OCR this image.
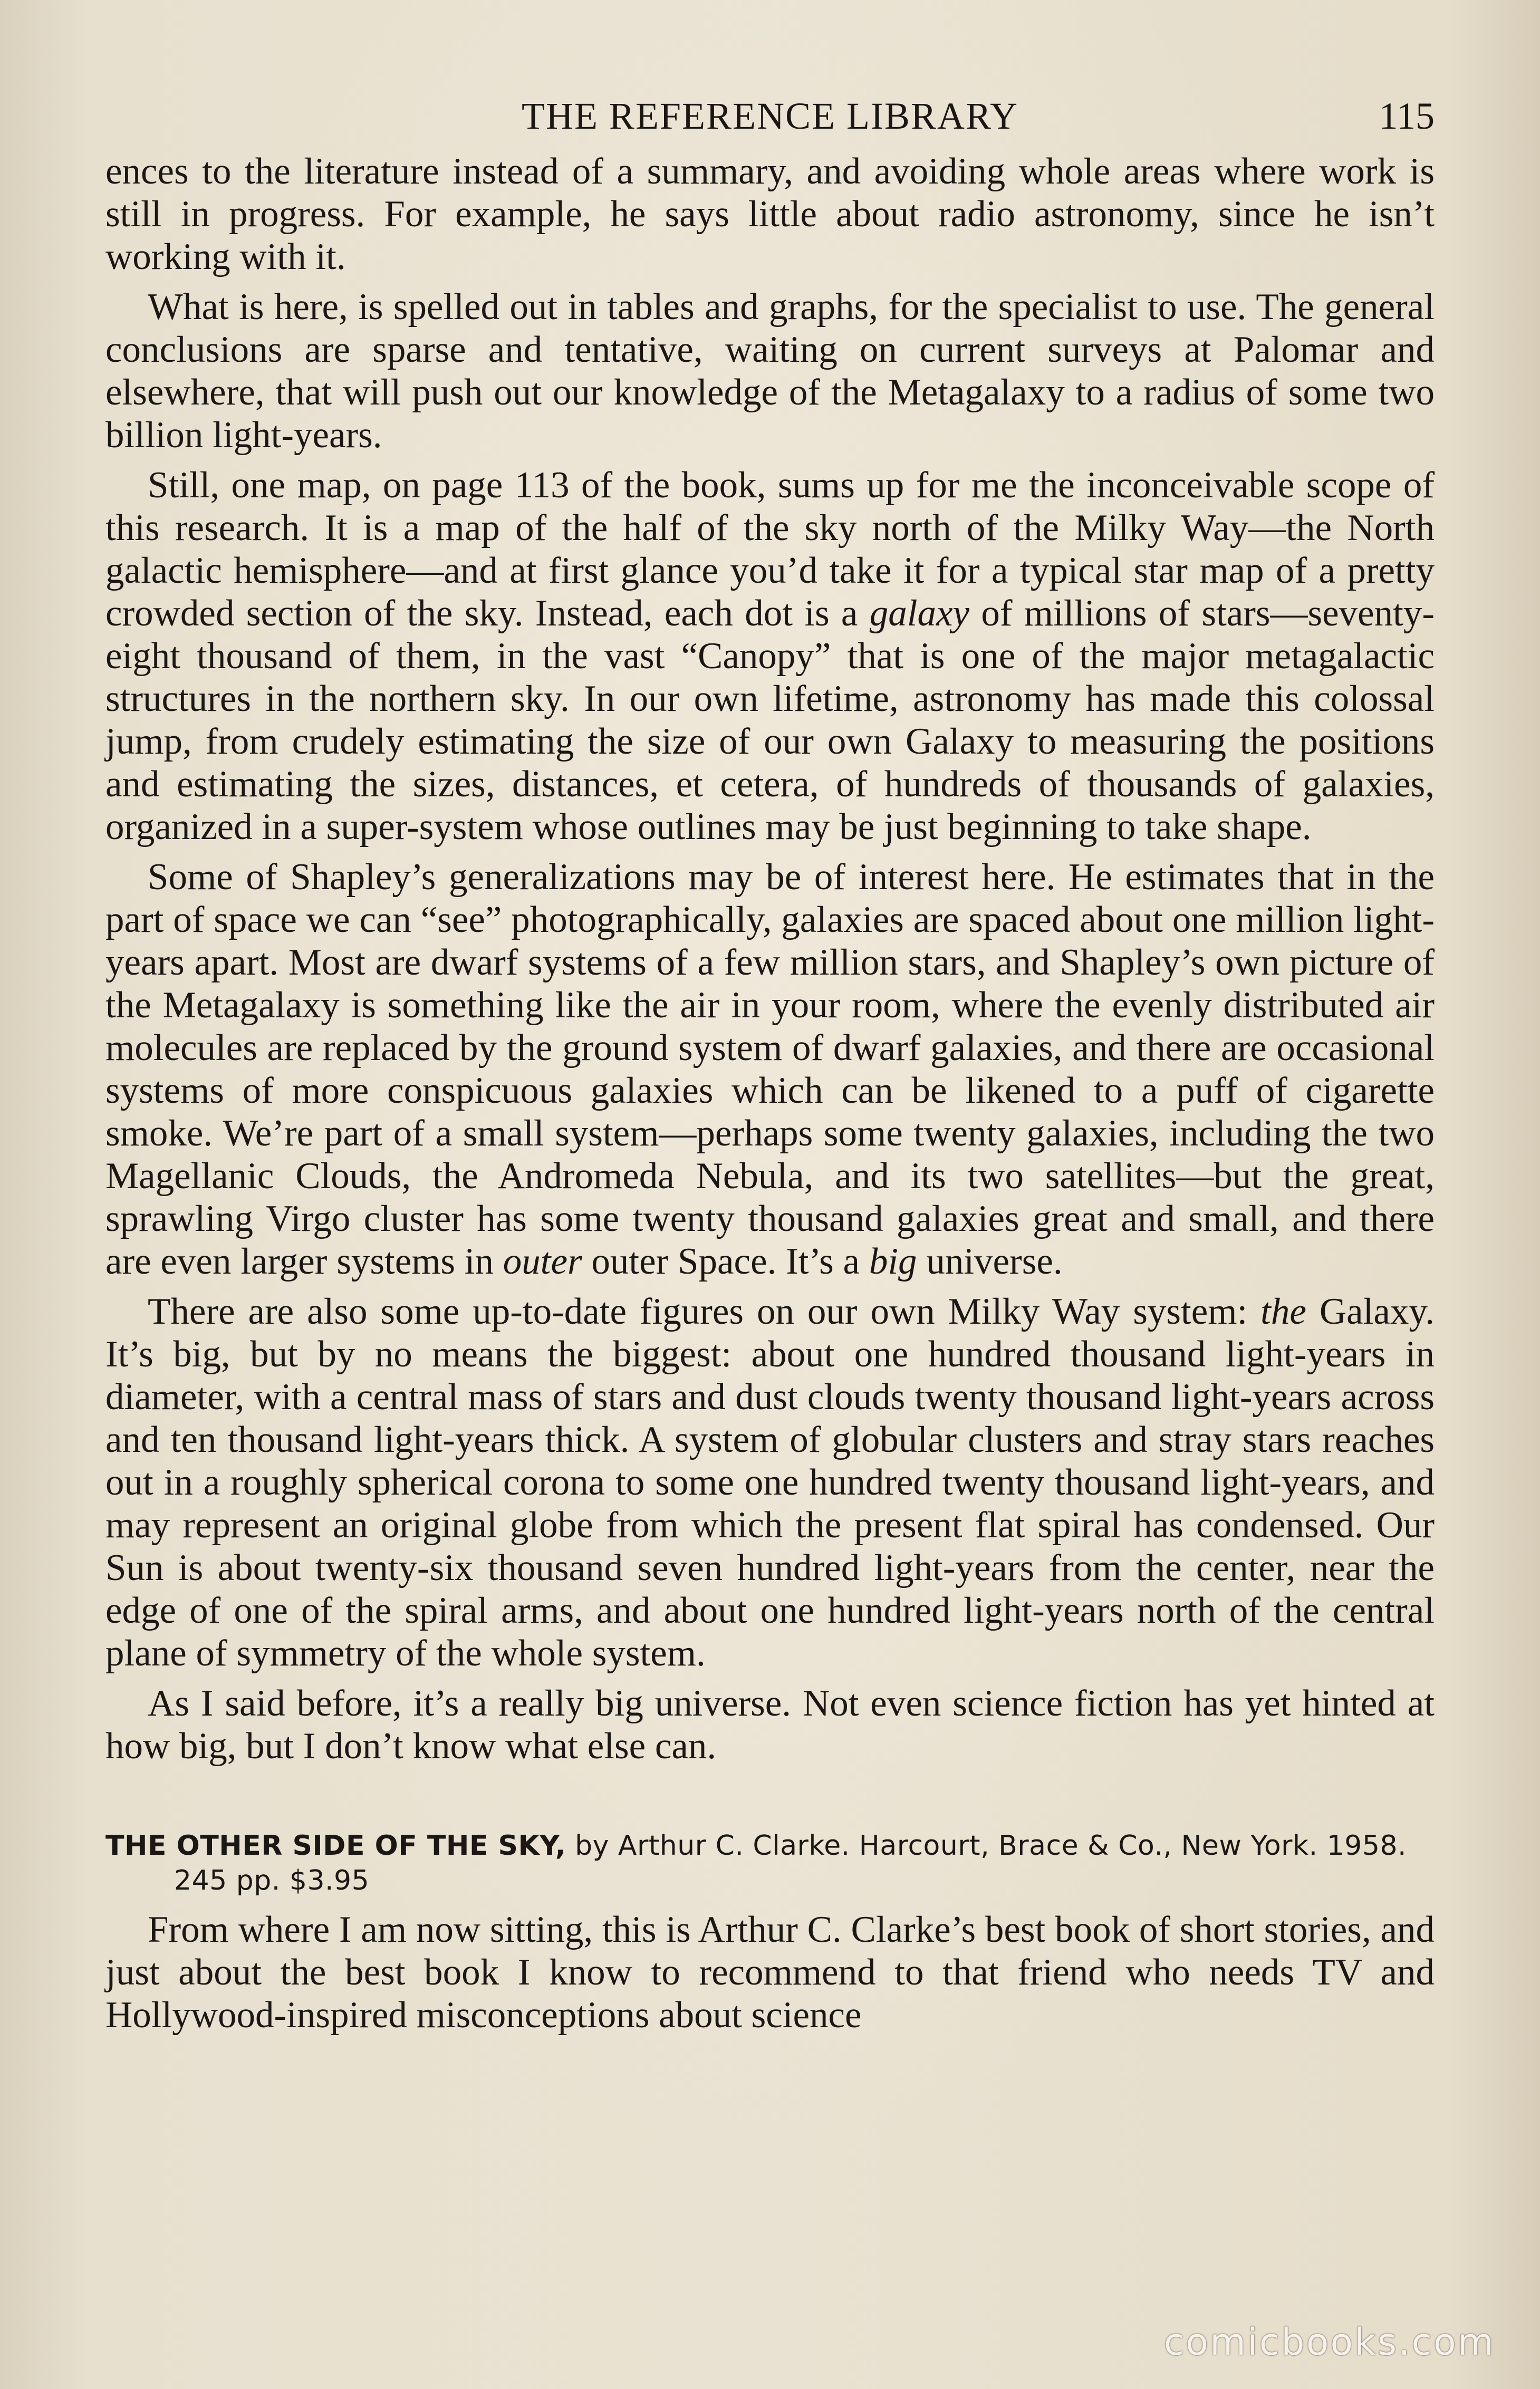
THE REFERENCE LIBRARY	115

ences to the literature instead of a summary, and avoiding whole areas where work is still in progress. For example, he says little about radio astronomy, since he isn’t working with it.

What is here, is spelled out in tables and graphs, for the specialist to use. The general conclusions are sparse and tentative, waiting on current surveys at Palomar and elsewhere, that will push out our knowledge of the Metagalaxy to a radius of some two billion light-years.

Still, one map, on page 113 of the book, sums up for me the inconceivable scope of this research. It is a map of the half of the sky north of the Milky Way—the North galactic hemisphere—and at first glance you’d take it for a typical star map of a pretty crowded section of the sky. Instead, each dot is a galaxy of millions of stars—seventy-eight thousand of them, in the vast “Canopy” that is one of the major metagalactic structures in the northern sky. In our own lifetime, astronomy has made this colossal jump, from crudely estimating the size of our own Galaxy to measuring the positions and estimating the sizes, distances, et cetera, of hundreds of thousands of galaxies, organized in a super-system whose outlines may be just beginning to take shape.

Some of Shapley’s generalizations may be of interest here. He estimates that in the part of space we can “see” photographically, galaxies are spaced about one million light-years apart. Most are dwarf systems of a few million stars, and Shapley’s own picture of the Metagalaxy is something like the air in your room, where the evenly distributed air molecules are replaced by the ground system of dwarf galaxies, and there are occasional systems of more conspicuous galaxies which can be likened to a puff of cigarette smoke. We’re part of a small system—perhaps some twenty galaxies, including the two Magellanic Clouds, the Andromeda Nebula, and its two satellites—but the great, sprawling Virgo cluster has some twenty thousand galaxies great and small, and there are even larger systems in outer outer Space. It’s a big universe.

There are also some up-to-date figures on our own Milky Way system: the Galaxy. It’s big, but by no means the biggest: about one hundred thousand light-years in diameter, with a central mass of stars and dust clouds twenty thousand light-years across and ten thousand light-years thick. A system of globular clusters and stray stars reaches out in a roughly spherical corona to some one hundred twenty thousand light-years, and may represent an original globe from which the present flat spiral has condensed. Our Sun is about twenty-six thousand seven hundred light-years from the center, near the edge of one of the spiral arms, and about one hundred light-years north of the central plane of symmetry of the whole system.

As I said before, it’s a really big universe. Not even science fiction has yet hinted at how big, but I don’t know what else can.

THE OTHER SIDE OF THE SKY, by Arthur C. Clarke. Harcourt, Brace & Co., New York. 1958. 245 pp. $3.95

From where I am now sitting, this is Arthur C. Clarke’s best book of short stories, and just about the best book I know to recommend to that friend who needs TV and Hollywood-inspired misconceptions about science

comicbooks.com
